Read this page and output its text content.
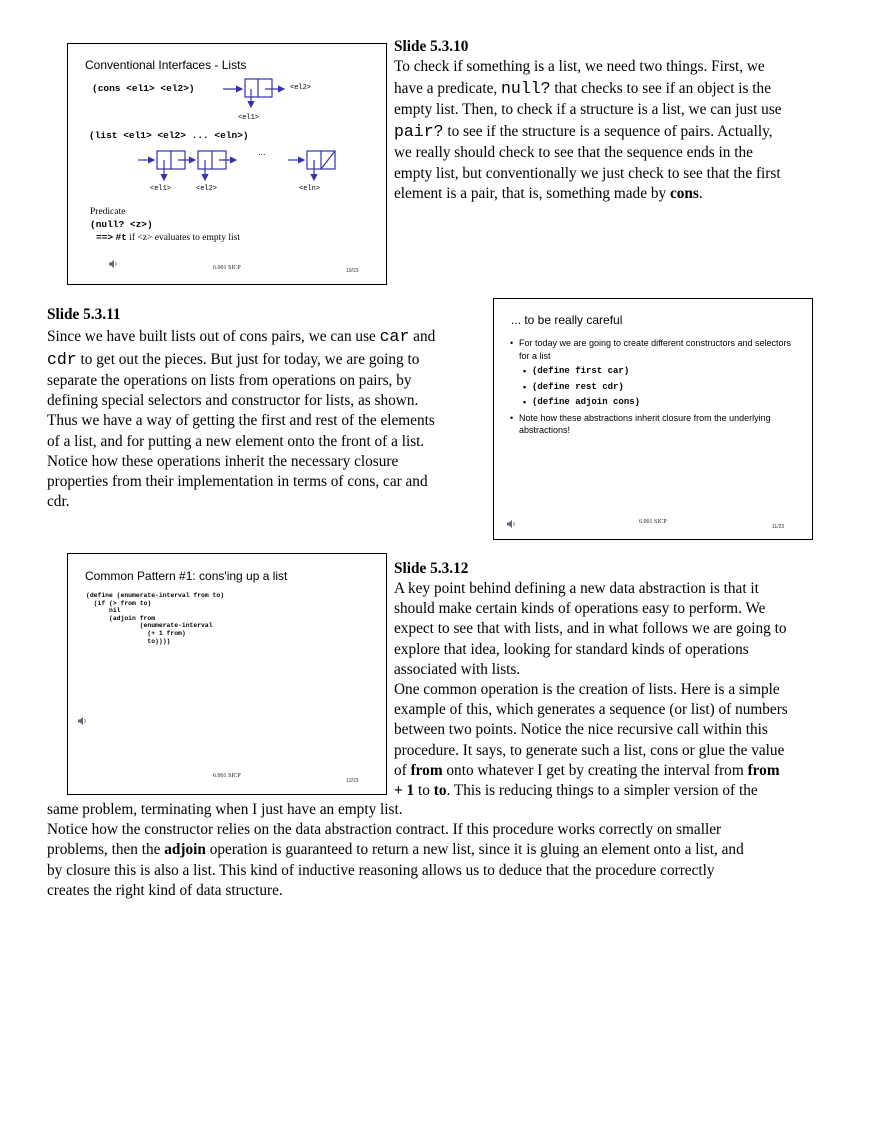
Conventional Interfaces - Lists
(cons <el1> <el2>)	<el2>
<el1>
(list <el1> <el2> ... <eln>)
...
<el1>	<el2>	<eln>
Predicate
(null? <z>)
==> #t if <z> evaluates to empty list
6.001 SICP	10/23
Slide 5.3.10

To check if something is a list, we need two things. First, we

have a predicate, null? that checks to see if an object is the

empty list. Then, to check if a structure is a list, we can just use

pair? to see if the structure is a sequence of pairs. Actually,

we really should check to see that the sequence ends in the

empty list, but conventionally we just check to see that the first

element is a pair, that is, something made by cons.

Slide 5.3.11

Since we have built lists out of cons pairs, we can use car and

cdr to get out the pieces. But just for today, we are going to

separate the operations on lists from operations on pairs, by

defining special selectors and constructor for lists, as shown.

Thus we have a way of getting the first and rest of the elements

of a list, and for putting a new element onto the front of a list.

Notice how these operations inherit the necessary closure

properties from their implementation in terms of cons, car and

cdr.

... to be really careful
• For today we are going to create different constructors and selectors for a list
• (define first car)
• (define rest cdr)
• (define adjoin cons)
• Note how these abstractions inherit closure from the underlying abstractions!
6.001 SICP
11/23
Common Pattern #1: cons'ing up a list
(define (enumerate-interval from to)
(if (> from to)
nil
(adjoin from
(enumerate-interval
(+ 1 from)
to))))
6.001 SICP
12/23
Slide 5.3.12

A key point behind defining a new data abstraction is that it

should make certain kinds of operations easy to perform. We

expect to see that with lists, and in what follows we are going to

explore that idea, looking for standard kinds of operations

associated with lists.

One common operation is the creation of lists. Here is a simple

example of this, which generates a sequence (or list) of numbers

between two points. Notice the nice recursive call within this

procedure. It says, to generate such a list, cons or glue the value

of from onto whatever I get by creating the interval from from

+ 1 to to. This is reducing things to a simpler version of the

same problem, terminating when I just have an empty list.

Notice how the constructor relies on the data abstraction contract. If this procedure works correctly on smaller

problems, then the adjoin operation is guaranteed to return a new list, since it is gluing an element onto a list, and

by closure this is also a list. This kind of inductive reasoning allows us to deduce that the procedure correctly

creates the right kind of data structure.
